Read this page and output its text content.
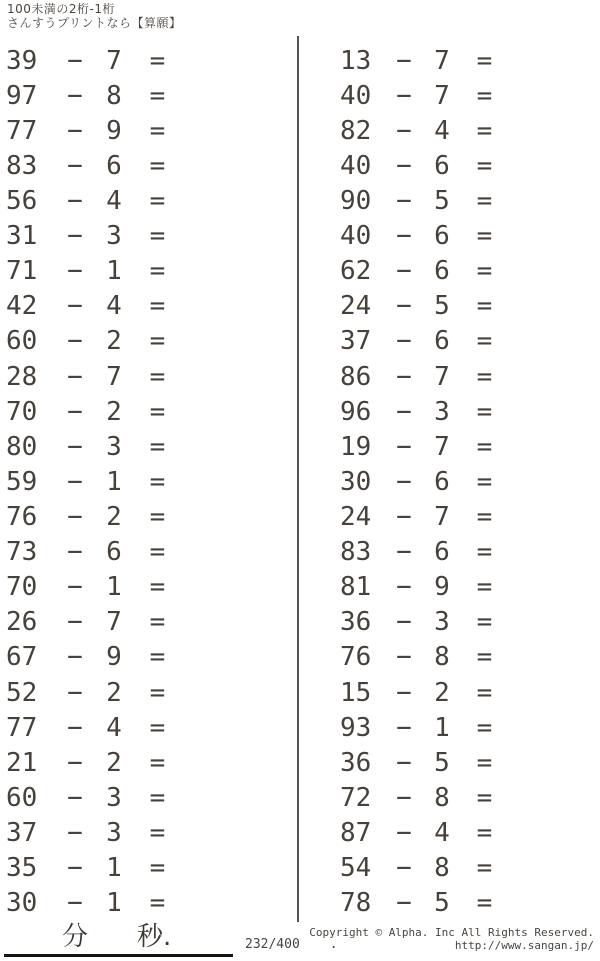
100未満の2桁-1桁
さんすうプリントなら【算願】
39	− 7	=
97	− 8	=
77	− 9	=
83	− 6	=
56	− 4	=
31	− 3	=
71	− 1	=
42	− 4	=
60	− 2	=
28	− 7	=
70	− 2	=
80	− 3	=
59	− 1	=
76	− 2	=
73	− 6	=
70	− 1	=
26	− 7	=
67	− 9	=
52	− 2	=
77	− 4	=
21	− 2	=
60	− 3	=
37	− 3	=
35	− 1	=
30	− 1	=
13 − 7	=
40 − 7	=
82 − 4	=
40 − 6	=
90 − 5	=
40 − 6	=
62 − 6	=
24 − 5	=
37 − 6	=
86 − 7	=
96 − 3	=
19 − 7	=
30 − 6	=
24 − 7	=
83 − 6	=
81 − 9	=
36 − 3	=
76 − 8	=
15 − 2	=
93 − 1	=
36 − 5	=
72 − 8	=
87 − 4	=
54 − 8	=
78 − 5	=
分 秒.	232/400 .
Copyright © Alpha. Inc All Rights Reserved.
http://www.sangan.jp/
